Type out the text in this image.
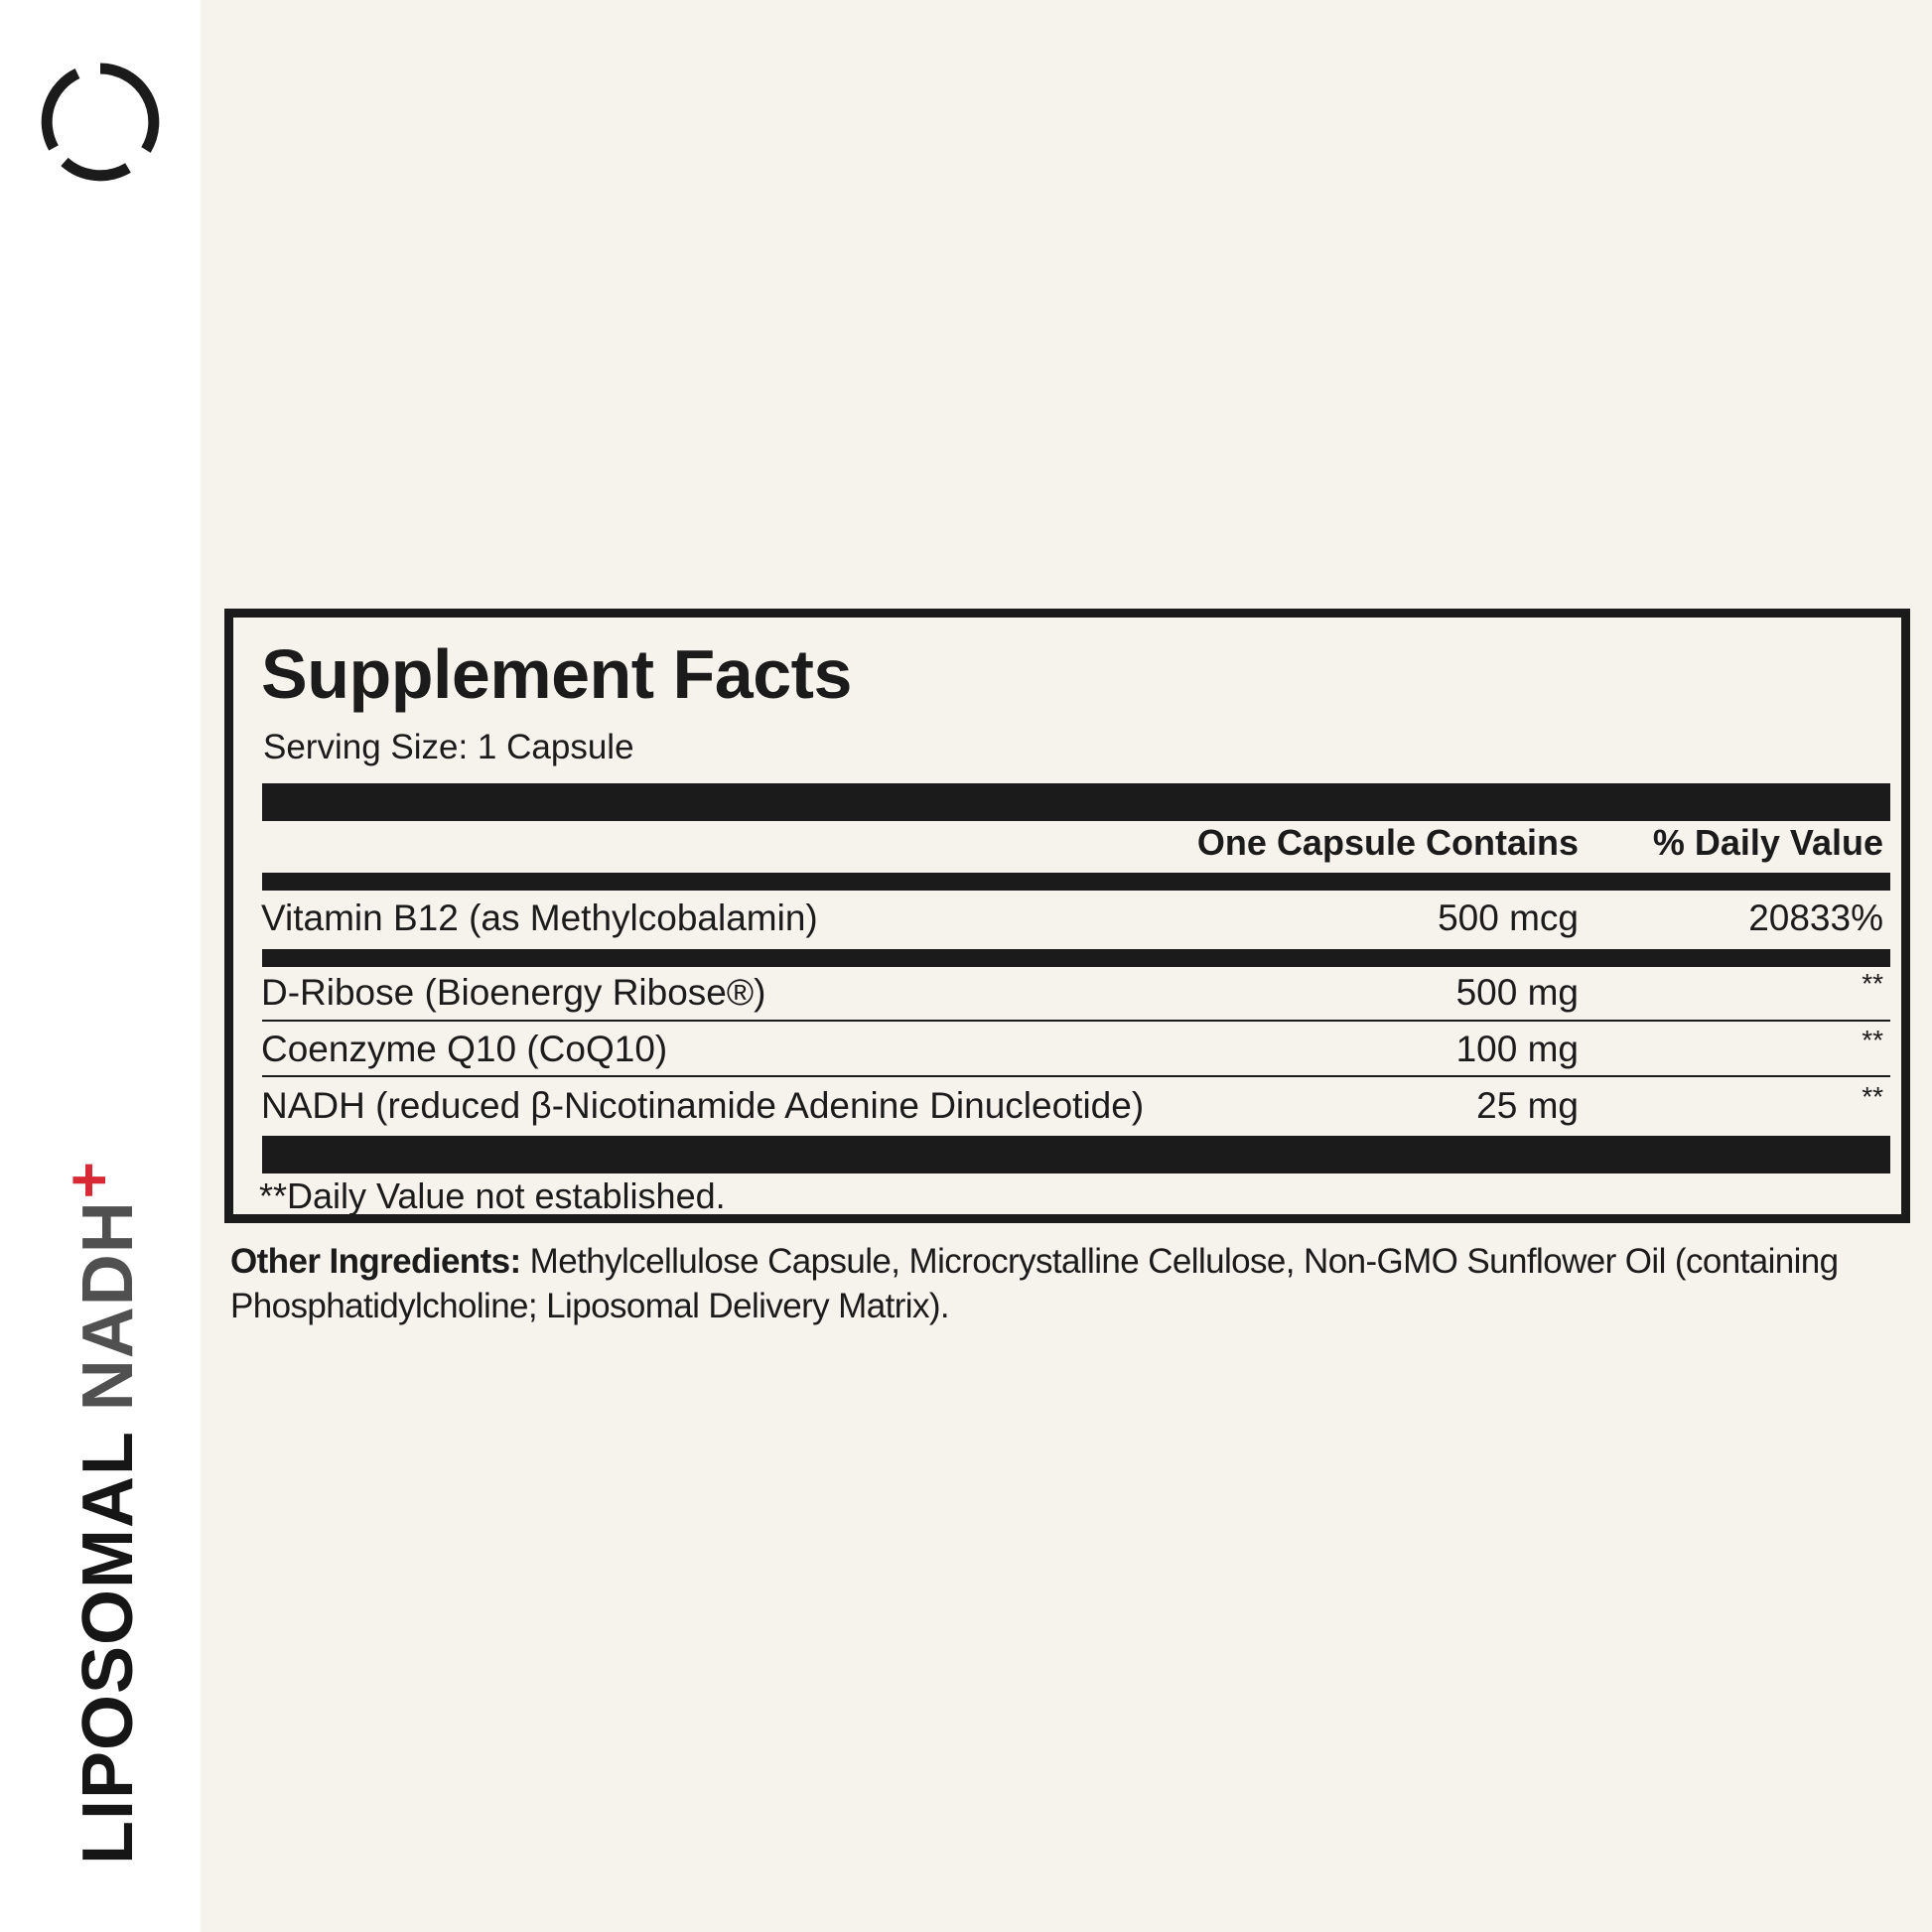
LIPOSOMAL NADH+
Supplement Facts
Serving Size: 1 Capsule
One Capsule Contains % Daily Value
Vitamin B12 (as Methylcobalamin)	500 mcg	20833%
D-Ribose (Bioenergy Ribose®)	500 mg	**
Coenzyme Q10 (CoQ10)	100 mg	**
NADH (reduced β-Nicotinamide Adenine Dinucleotide)	25 mg	**
**Daily Value not established.
Other Ingredients: Methylcellulose Capsule, Microcrystalline Cellulose, Non-GMO Sunflower Oil (containing Phosphatidylcholine; Liposomal Delivery Matrix).
